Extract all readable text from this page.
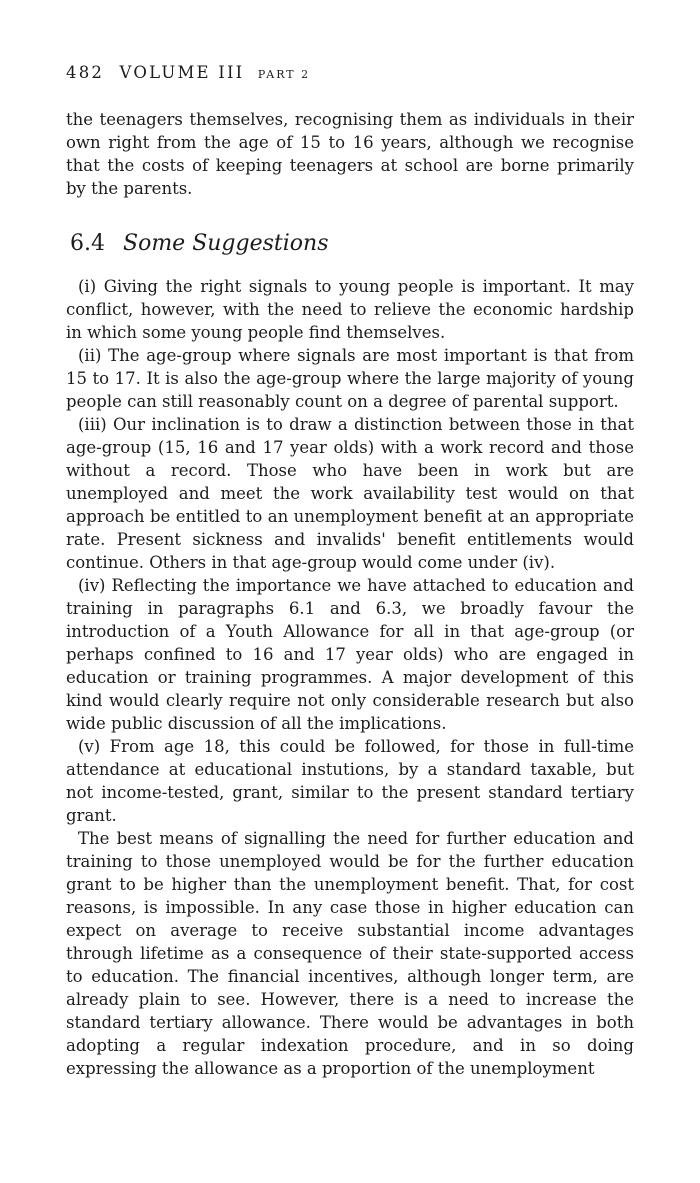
482 VOLUME III PART 2

the teenagers themselves, recognising them as individuals in their own right from the age of 15 to 16 years, although we recognise that the costs of keeping teenagers at school are borne primarily by the parents.

6.4 Some Suggestions

(i) Giving the right signals to young people is important. It may conflict, however, with the need to relieve the economic hardship in which some young people find themselves.

(ii) The age-group where signals are most important is that from 15 to 17. It is also the age-group where the large majority of young people can still reasonably count on a degree of parental support.

(iii) Our inclination is to draw a distinction between those in that age-group (15, 16 and 17 year olds) with a work record and those without a record. Those who have been in work but are unemployed and meet the work availability test would on that approach be entitled to an unemployment benefit at an appropriate rate. Present sickness and invalids' benefit entitlements would continue. Others in that age-group would come under (iv).

(iv) Reflecting the importance we have attached to education and training in paragraphs 6.1 and 6.3, we broadly favour the introduction of a Youth Allowance for all in that age-group (or perhaps confined to 16 and 17 year olds) who are engaged in education or training programmes. A major development of this kind would clearly require not only considerable research but also wide public discussion of all the implications.

(v) From age 18, this could be followed, for those in full-time attendance at educational instutions, by a standard taxable, but not income-tested, grant, similar to the present standard tertiary grant.

The best means of signalling the need for further education and training to those unemployed would be for the further education grant to be higher than the unemployment benefit. That, for cost reasons, is impossible. In any case those in higher education can expect on average to receive substantial income advantages through lifetime as a consequence of their state-supported access to education. The financial incentives, although longer term, are already plain to see. However, there is a need to increase the standard tertiary allowance. There would be advantages in both adopting a regular indexation procedure, and in so doing expressing the allowance as a proportion of the unemployment
